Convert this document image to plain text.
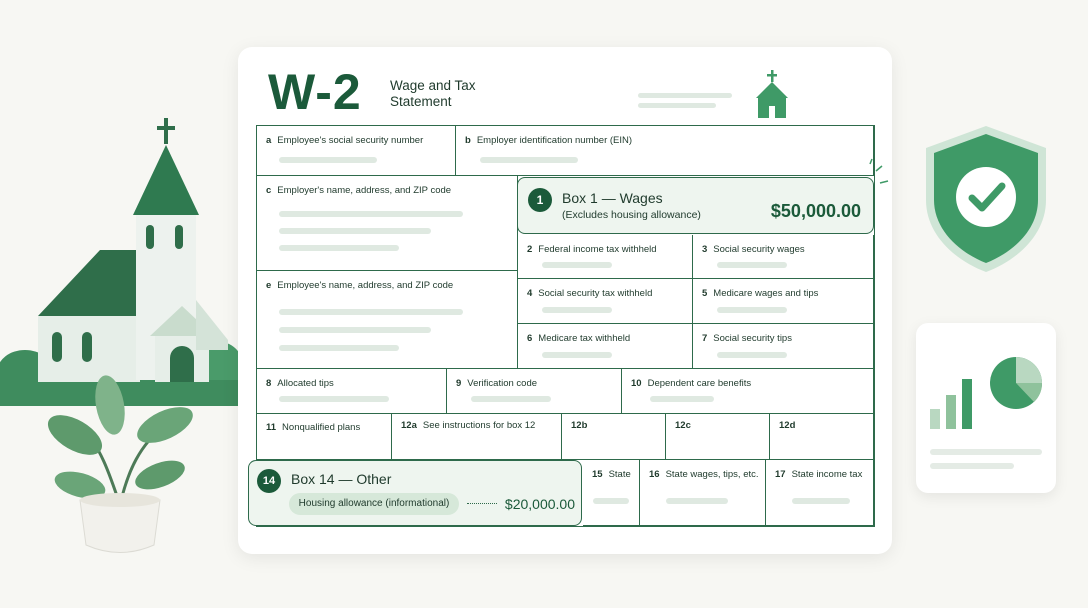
W-2 Wage and Tax Statement
a Employee's social security number	b Employer identification number (EIN)
c Employer's name, address, and ZIP code
e Employee's name, address, and ZIP code
2 Federal income tax withheld	3 Social security wages
4 Social security tax withheld	5 Medicare wages and tips
6 Medicare tax withheld	7 Social security tips
8 Allocated tips	9 Verification code	10 Dependent care benefits
11 Nonqualified plans	12a See instructions for box 12	12b	12c	12d
15 State 16 State wages, tips, etc. 17 State income tax
1	Box 1 — Wages
(Excludes housing allowance)	$50,000.00
14	Box 14 — Other
Housing allowance (informational)	$20,000.00
